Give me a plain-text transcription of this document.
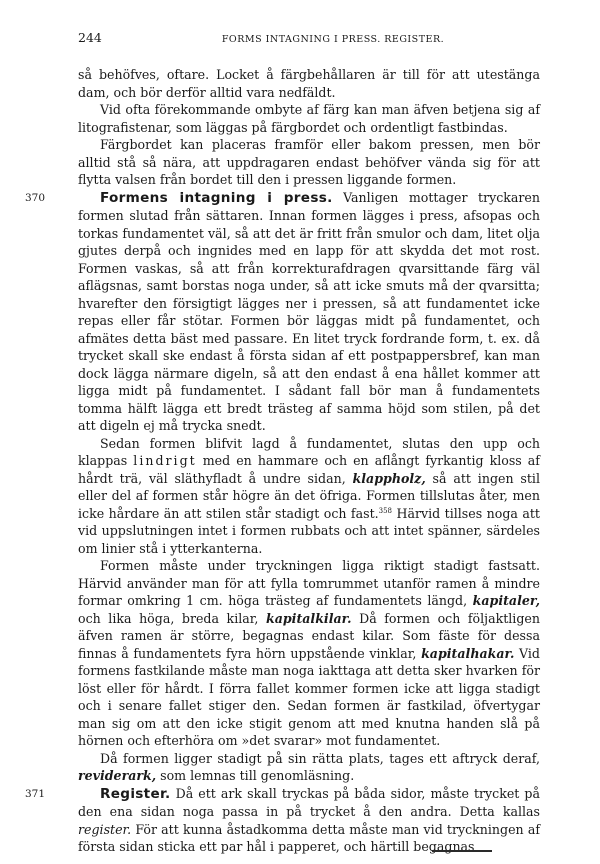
244	FORMS INTAGNING I PRESS. REGISTER.

så behöfves, oftare. Locket å färgbehållaren är till för att utestänga dam, och bör derför alltid vara nedfäldt.

Vid ofta förekommande ombyte af färg kan man äfven betjena sig af litografistenar, som läggas på färgbordet och ordentligt fastbindas.

Färgbordet kan placeras framför eller bakom pressen, men bör alltid stå så nära, att uppdragaren endast behöfver vända sig för att flytta valsen från bordet till den i pressen liggande formen.

370	Formens intagning i press. Vanligen mottager tryckaren formen slutad från sättaren. Innan formen lägges i press, afsopas och torkas fundamentet väl, så att det är fritt från smulor och dam, litet olja gjutes derpå och ingnides med en lapp för att skydda det mot rost. Formen vaskas, så att från korrekturafdragen qvarsittande färg väl aflägsnas, samt borstas noga under, så att icke smuts må der qvarsitta; hvarefter den försigtigt lägges ner i pressen, så att fundamentet icke repas eller får stötar. Formen bör läggas midt på fundamentet, och afmätes detta bäst med passare. En litet tryck fordrande form, t. ex. då trycket skall ske endast å första sidan af ett postpappersbref, kan man dock lägga närmare digeln, så att den endast å ena hållet kommer att ligga midt på fundamentet. I sådant fall bör man å fundamentets tomma hälft lägga ett bredt trästeg af samma höjd som stilen, på det att digeln ej må trycka snedt.

Sedan formen blifvit lagd å fundamentet, slutas den upp och klappas lindrigt med en hammare och en aflångt fyrkantig kloss af hårdt trä, väl släthyfladt å undre sidan, klappholz, så att ingen stil eller del af formen står högre än det öfriga. Formen tillslutas åter, men icke hårdare än att stilen står stadigt och fast.$^{358}$ Härvid tillses noga att vid uppslutningen intet i formen rubbats och att intet spänner, särdeles om linier stå i ytterkanterna.

Formen måste under tryckningen ligga riktigt stadigt fastsatt. Härvid använder man för att fylla tomrummet utanför ramen å mindre formar omkring 1 cm. höga trästeg af fundamentets längd, kapitaler, och lika höga, breda kilar, kapitalkilar. Då formen och följaktligen äfven ramen är större, begagnas endast kilar. Som fäste för dessa finnas å fundamentets fyra hörn uppstående vinklar, kapitalhakar. Vid formens fastkilande måste man noga iakttaga att detta sker hvarken för löst eller för hårdt. I förra fallet kommer formen icke att ligga stadigt och i senare fallet stiger den. Sedan formen är fastkilad, öfvertygar man sig om att den icke stigit genom att med knutna handen slå på hörnen och efterhöra om »det svarar» mot fundamentet.

Då formen ligger stadigt på sin rätta plats, tages ett aftryck deraf, reviderark, som lemnas till genomläsning.

371	Register. Då ett ark skall tryckas på båda sidor, måste trycket på den ena sidan noga passa in på trycket å den andra. Detta kallas register. För att kunna åstadkomma detta måste man vid tryckningen af första sidan sticka ett par hål i papperet, och härtill begagnas
